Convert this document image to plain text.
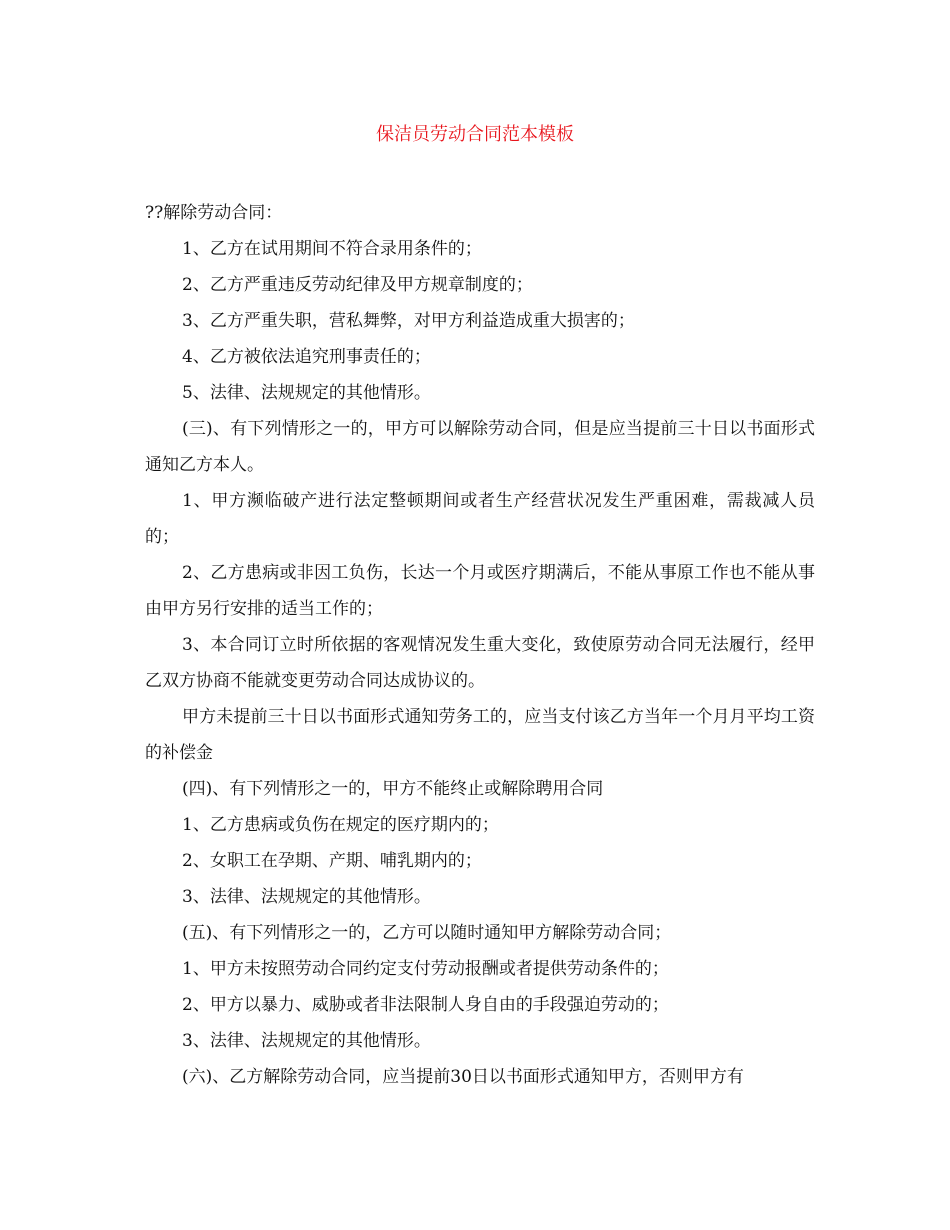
保洁员劳动合同范本模板

??解除劳动合同：

1、乙方在试用期间不符合录用条件的；

2、乙方严重违反劳动纪律及甲方规章制度的；

3、乙方严重失职，营私舞弊，对甲方利益造成重大损害的；

4、乙方被依法追究刑事责任的；

5、法律、法规规定的其他情形。

(三)、有下列情形之一的，甲方可以解除劳动合同，但是应当提前三十日以书面形式通知乙方本人。

1、甲方濒临破产进行法定整顿期间或者生产经营状况发生严重困难，需裁减人员的；

2、乙方患病或非因工负伤，长达一个月或医疗期满后，不能从事原工作也不能从事由甲方另行安排的适当工作的；

3、本合同订立时所依据的客观情况发生重大变化，致使原劳动合同无法履行，经甲乙双方协商不能就变更劳动合同达成协议的。

甲方未提前三十日以书面形式通知劳务工的，应当支付该乙方当年一个月月平均工资的补偿金

(四)、有下列情形之一的，甲方不能终止或解除聘用合同

1、乙方患病或负伤在规定的医疗期内的；

2、女职工在孕期、产期、哺乳期内的；

3、法律、法规规定的其他情形。

(五)、有下列情形之一的，乙方可以随时通知甲方解除劳动合同；

1、甲方未按照劳动合同约定支付劳动报酬或者提供劳动条件的；

2、甲方以暴力、威胁或者非法限制人身自由的手段强迫劳动的；

3、法律、法规规定的其他情形。

(六)、乙方解除劳动合同，应当提前30日以书面形式通知甲方，否则甲方有
